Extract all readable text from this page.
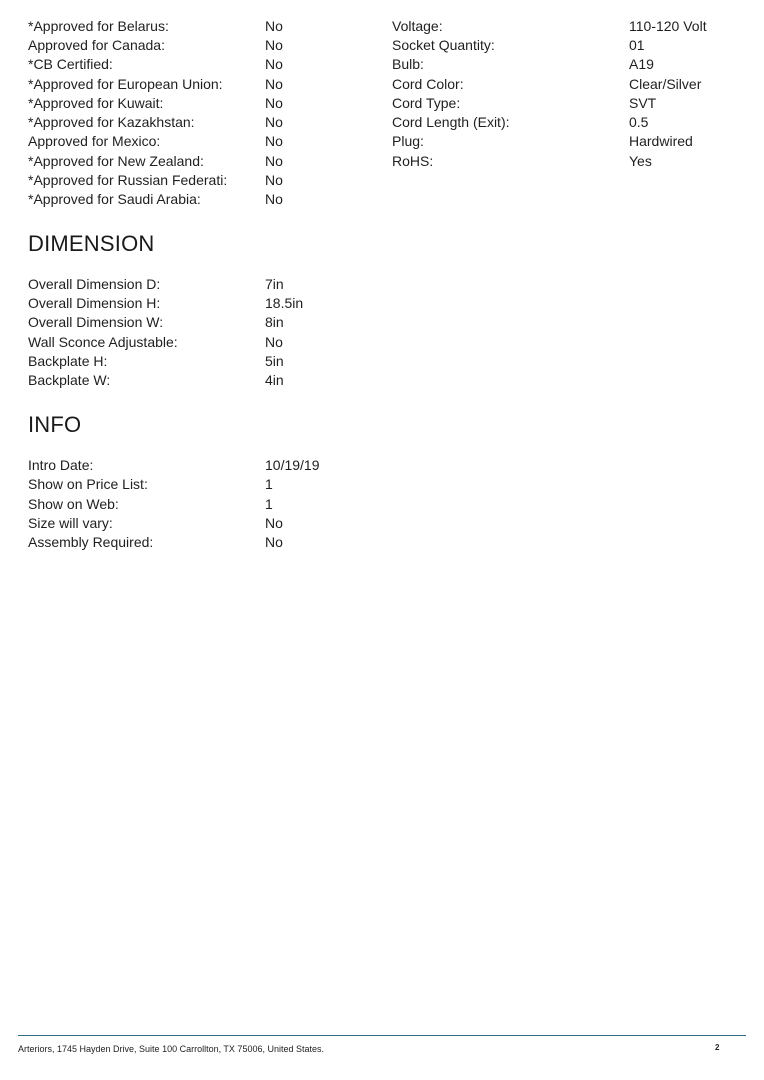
*Approved for Belarus:	No
Approved for Canada:	No
*CB Certified:	No
*Approved for European Union:	No
*Approved for Kuwait:	No
*Approved for Kazakhstan:	No
Approved for Mexico:	No
*Approved for New Zealand:	No
*Approved for Russian Federati:	No
*Approved for Saudi Arabia:	No
Voltage:	110-120 Volt
Socket Quantity:	01
Bulb:	A19
Cord Color:	Clear/Silver
Cord Type:	SVT
Cord Length (Exit):	0.5
Plug:	Hardwired
RoHS:	Yes
DIMENSION
Overall Dimension D:	7in
Overall Dimension H:	18.5in
Overall Dimension W:	8in
Wall Sconce Adjustable:	No
Backplate H:	5in
Backplate W:	4in
INFO
Intro Date:	10/19/19
Show on Price List:	1
Show on Web:	1
Size will vary:	No
Assembly Required:	No
Arteriors, 1745 Hayden Drive, Suite 100 Carrollton, TX 75006, United States.	2
